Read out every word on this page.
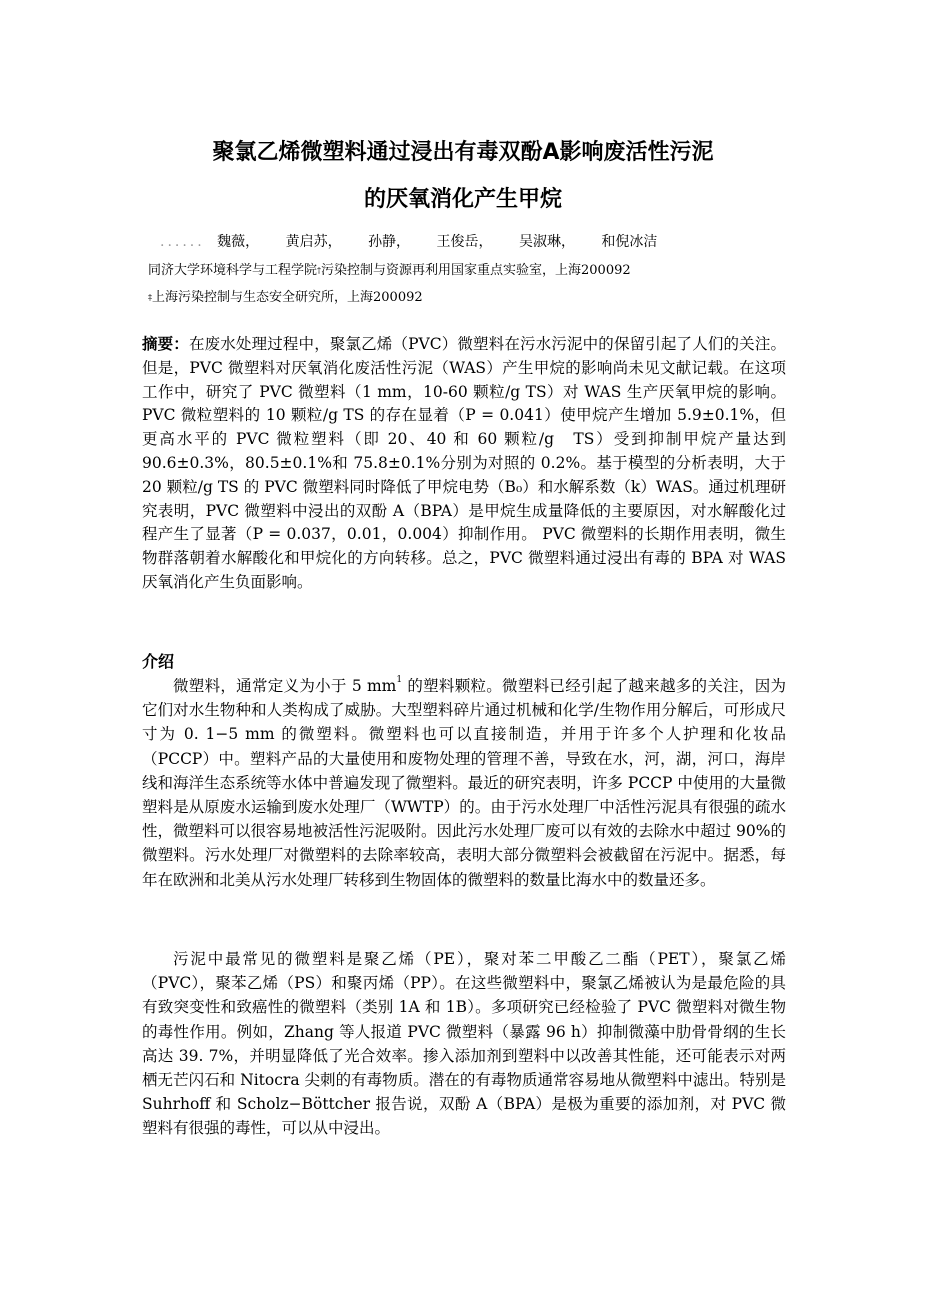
聚氯乙烯微塑料通过浸出有毒双酚A影响废活性污泥
的厌氧消化产生甲烷
...... 魏薇， 黄启苏， 孙静， 王俊岳， 吴淑琳， 和倪冰洁
同济大学环境科学与工程学院†污染控制与资源再利用国家重点实验室，上海200092
‡上海污染控制与生态安全研究所，上海200092
摘要：在废水处理过程中，聚氯乙烯（PVC）微塑料在污水污泥中的保留引起了人们的关注。但是，PVC 微塑料对厌氧消化废活性污泥（WAS）产生甲烷的影响尚未见文献记载。在这项工作中，研究了 PVC 微塑料（1 mm，10-60 颗粒/g TS）对 WAS 生产厌氧甲烷的影响。PVC 微粒塑料的 10 颗粒/g TS 的存在显着（P = 0.041）使甲烷产生增加 5.9±0.1%，但更高水平的 PVC 微粒塑料（即 20、40 和 60 颗粒/g　TS）受到抑制甲烷产量达到 90.6±0.3%，80.5±0.1%和 75.8±0.1%分别为对照的 0.2%。基于模型的分析表明，大于 20 颗粒/g TS 的 PVC 微塑料同时降低了甲烷电势（B₀）和水解系数（k）WAS。通过机理研究表明，PVC 微塑料中浸出的双酚 A（BPA）是甲烷生成量降低的主要原因，对水解酸化过程产生了显著（P = 0.037，0.01，0.004）抑制作用。 PVC 微塑料的长期作用表明，微生物群落朝着水解酸化和甲烷化的方向转移。总之，PVC 微塑料通过浸出有毒的 BPA 对 WAS 厌氧消化产生负面影响。
介绍
微塑料，通常定义为小于 5 $mm^1$ 的塑料颗粒。微塑料已经引起了越来越多的关注，因为它们对水生物种和人类构成了威胁。大型塑料碎片通过机械和化学/生物作用分解后，可形成尺寸为 0. 1−5 mm 的微塑料。微塑料也可以直接制造，并用于许多个人护理和化妆品（PCCP）中。塑料产品的大量使用和废物处理的管理不善，导致在水，河，湖，河口，海岸线和海洋生态系统等水体中普遍发现了微塑料。最近的研究表明，许多 PCCP 中使用的大量微塑料是从原废水运输到废水处理厂（WWTP）的。由于污水处理厂中活性污泥具有很强的疏水性，微塑料可以很容易地被活性污泥吸附。因此污水处理厂废可以有效的去除水中超过 90%的微塑料。污水处理厂对微塑料的去除率较高，表明大部分微塑料会被截留在污泥中。据悉，每年在欧洲和北美从污水处理厂转移到生物固体的微塑料的数量比海水中的数量还多。
污泥中最常见的微塑料是聚乙烯（PE），聚对苯二甲酸乙二酯（PET），聚氯乙烯（PVC），聚苯乙烯（PS）和聚丙烯（PP）。在这些微塑料中，聚氯乙烯被认为是最危险的具有致突变性和致癌性的微塑料（类别 1A 和 1B）。多项研究已经检验了 PVC 微塑料对微生物的毒性作用。例如，Zhang 等人报道 PVC 微塑料（暴露 96 h）抑制微藻中肋骨骨纲的生长高达 39. 7%，并明显降低了光合效率。掺入添加剂到塑料中以改善其性能，还可能表示对两栖无芒闪石和 Nitocra 尖刺的有毒物质。潜在的有毒物质通常容易地从微塑料中滤出。特别是 Suhrhoff 和 Scholz−Böttcher 报告说，双酚 A（BPA）是极为重要的添加剂，对 PVC 微塑料有很强的毒性，可以从中浸出。
